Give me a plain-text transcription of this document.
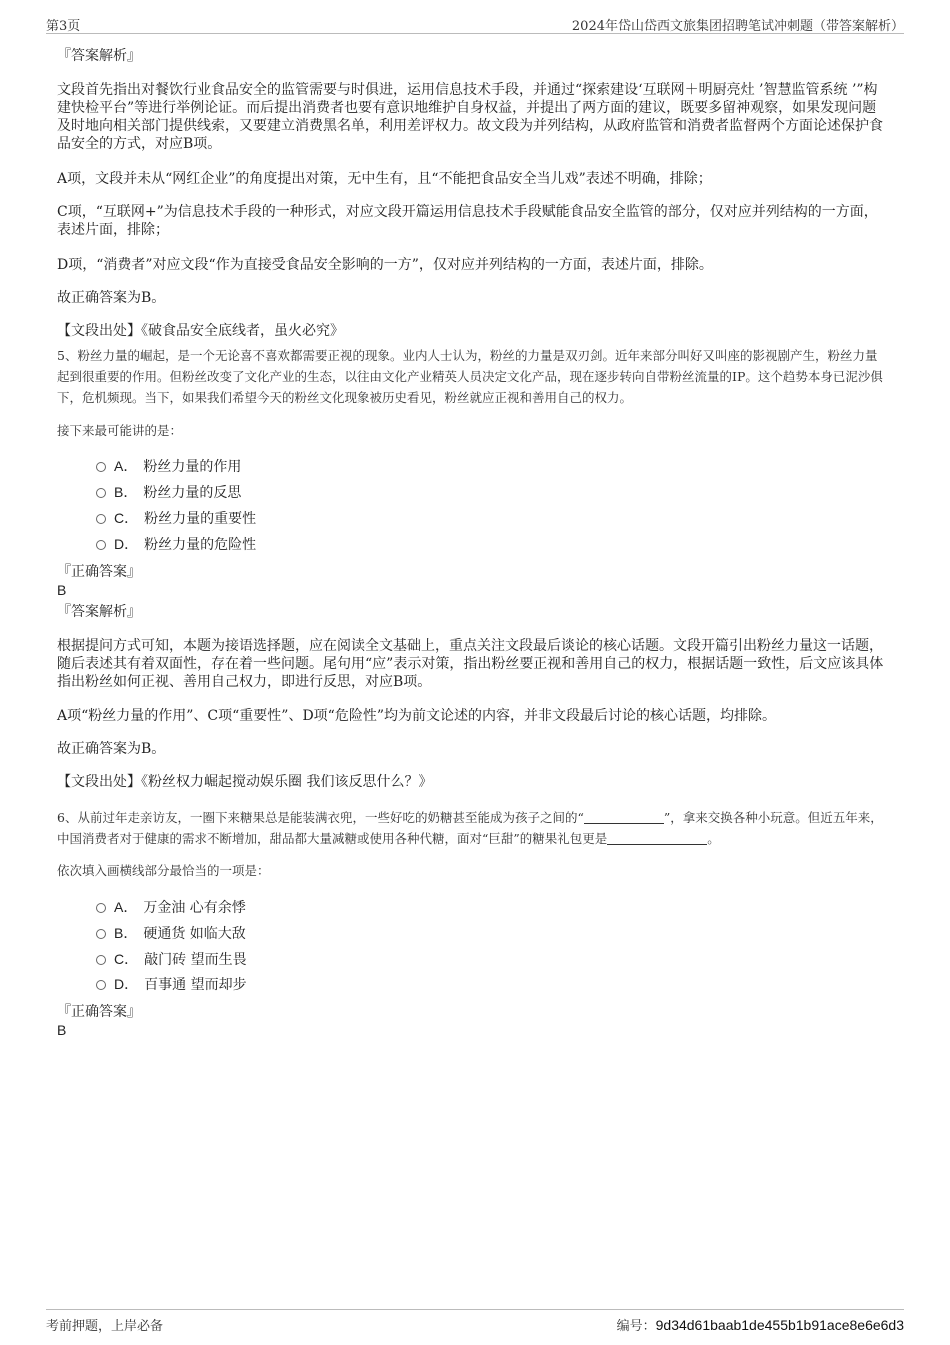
第3页	2024年岱山岱西文旅集团招聘笔试冲刺题（带答案解析）
『答案解析』
文段首先指出对餐饮行业食品安全的监管需要与时俱进，运用信息技术手段，并通过“探索建设‘互联网＋明厨亮灶 ’智慧监管系统 ’”构建快检平台”等进行举例论证。而后提出消费者也要有意识地维护自身权益，并提出了两方面的建议，既要多留神观察，如果发现问题及时地向相关部门提供线索，又要建立消费黑名单，利用差评权力。故文段为并列结构，从政府监管和消费者监督两个方面论述保护食品安全的方式，对应B项。
A项，文段并未从“网红企业”的角度提出对策，无中生有，且“不能把食品安全当儿戏”表述不明确，排除；
C项，“互联网+”为信息技术手段的一种形式，对应文段开篇运用信息技术手段赋能食品安全监管的部分，仅对应并列结构的一方面，表述片面，排除；
D项，“消费者”对应文段“作为直接受食品安全影响的一方”，仅对应并列结构的一方面，表述片面，排除。
故正确答案为B。
【文段出处】《破食品安全底线者，虽火必究》
5、粉丝力量的崛起，是一个无论喜不喜欢都需要正视的现象。业内人士认为，粉丝的力量是双刃剑。近年来部分叫好又叫座的影视剧产生，粉丝力量起到很重要的作用。但粉丝改变了文化产业的生态，以往由文化产业精英人员决定文化产品，现在逐步转向自带粉丝流量的IP。这个趋势本身已泥沙俱下，危机频现。当下，如果我们希望今天的粉丝文化现象被历史看见，粉丝就应正视和善用自己的权力。
接下来最可能讲的是：
A． 粉丝力量的作用
B． 粉丝力量的反思
C． 粉丝力量的重要性
D． 粉丝力量的危险性
『正确答案』
B
『答案解析』
根据提问方式可知，本题为接语选择题，应在阅读全文基础上，重点关注文段最后谈论的核心话题。文段开篇引出粉丝力量这一话题，随后表述其有着双面性，存在着一些问题。尾句用“应”表示对策，指出粉丝要正视和善用自己的权力，根据话题一致性，后文应该具体指出粉丝如何正视、善用自己权力，即进行反思，对应B项。
A项“粉丝力量的作用”、C项“重要性”、D项“危险性”均为前文论述的内容，并非文段最后讨论的核心话题，均排除。
故正确答案为B。
【文段出处】《粉丝权力崛起搅动娱乐圈 我们该反思什么？》
6、从前过年走亲访友，一圈下来糖果总是能装满衣兜，一些好吃的奶糖甚至能成为孩子之间的“	”，拿来交换各种小玩意。但近五年来，中国消费者对于健康的需求不断增加，甜品都大量减糖或使用各种代糖，面对“巨甜”的糖果礼包更是	。
依次填入画横线部分最恰当的一项是：
A． 万金油 心有余悸
B． 硬通货 如临大敌
C． 敲门砖 望而生畏
D． 百事通 望而却步
『正确答案』
B
考前押题，上岸必备	编号：9d34d61baab1de455b1b91ace8e6e6d3
